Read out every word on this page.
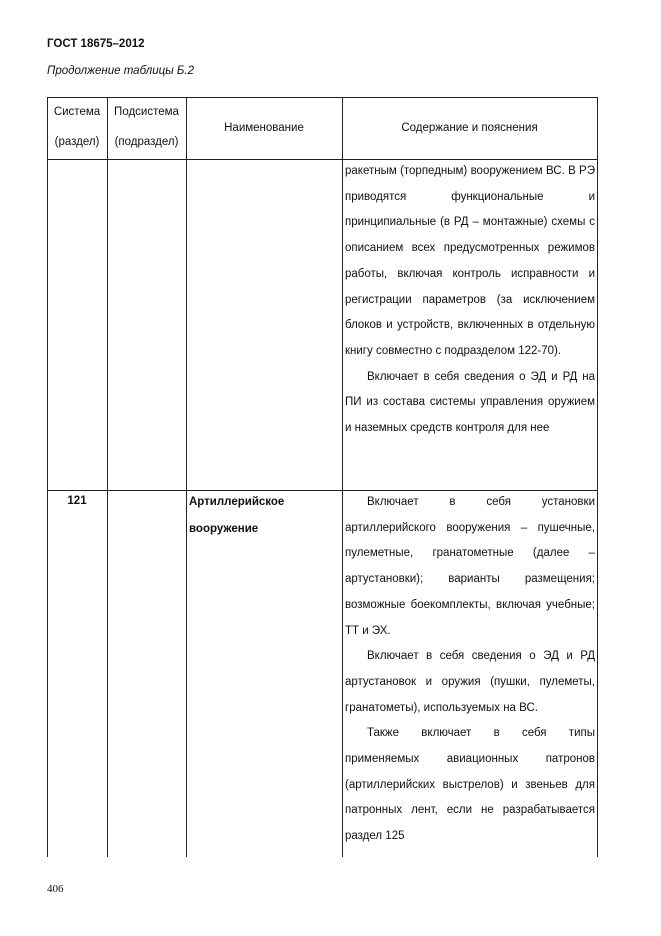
ГОСТ 18675–2012
Продолжение таблицы Б.2
Система
(раздел)
Подсистема
(подраздел)
Наименование	Содержание и пояснения

ракетным (торпедным) вооружением ВС. В РЭ приводятся функциональные и принципиальные (в РД – монтажные) схемы с описанием всех предусмотренных режимов работы, включая контроль исправности и регистрации параметров (за исключением блоков и устройств, включенных в отдельную книгу совместно с подразделом 122-70).

Включает в себя сведения о ЭД и РД на ПИ из состава системы управления оружием и наземных средств контроля для нее

121	Артиллерийское вооружение

Включает в себя установки артиллерийского вооружения – пушечные, пулеметные, гранатометные (далее – артустановки); варианты размещения; возможные боекомплекты, включая учебные; ТТ и ЭХ.

Включает в себя сведения о ЭД и РД артустановок и оружия (пушки, пулеметы, гранатометы), используемых на ВС.

Также включает в себя типы применяемых авиационных патронов (артиллерийских выстрелов) и звеньев для патронных лент, если не разрабатывается раздел 125

406
